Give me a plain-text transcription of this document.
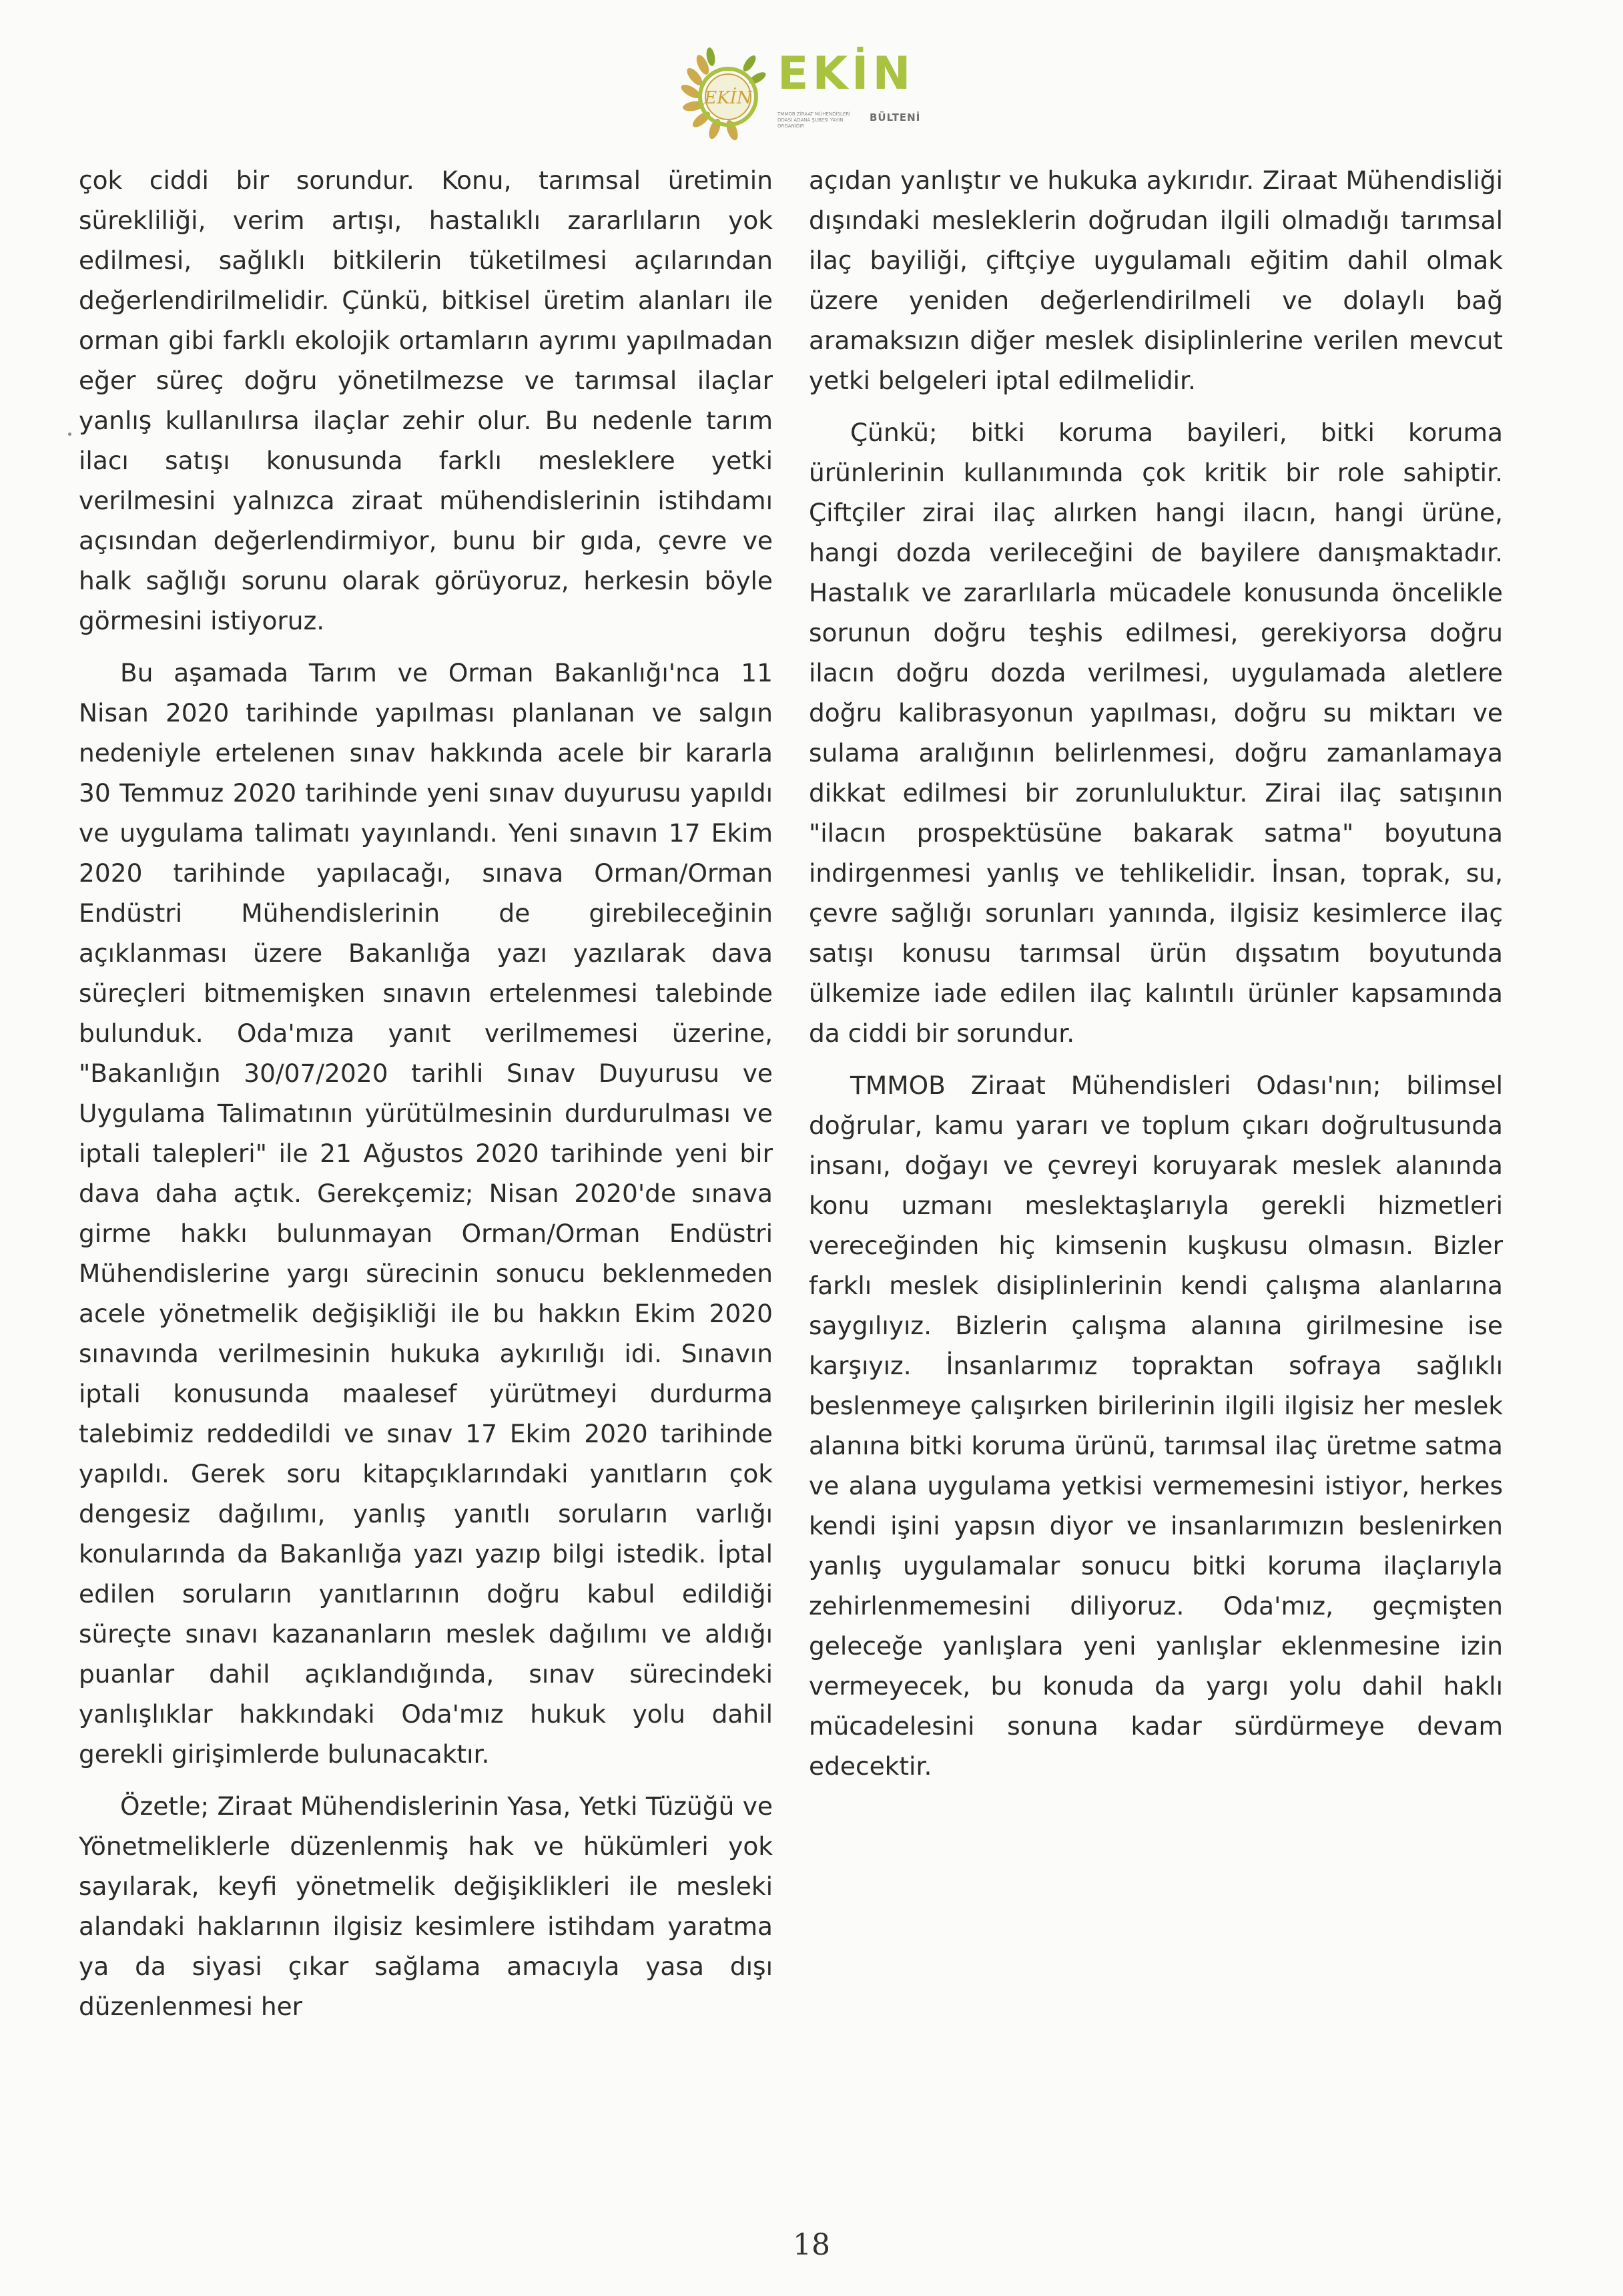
EKİN EKİN
TMMOB ZİRAAT MÜHENDİSLERİ ODASI ADANA ŞUBESİ YAYIN ORGANIDIR
BÜLTENİ

çok ciddi bir sorundur. Konu, tarımsal üretimin sürekliliği, verim artışı, hastalıklı zararlıların yok edilmesi, sağlıklı bitkilerin tüketilmesi açılarından değerlendirilmelidir. Çünkü, bitkisel üretim alanları ile orman gibi farklı ekolojik ortamların ayrımı yapılmadan eğer süreç doğru yönetilmezse ve tarımsal ilaçlar yanlış kullanılırsa ilaçlar zehir olur. Bu nedenle tarım ilacı satışı konusunda farklı mesleklere yetki verilmesini yalnızca ziraat mühendislerinin istihdamı açısından değerlendirmiyor, bunu bir gıda, çevre ve halk sağlığı sorunu olarak görüyoruz, herkesin böyle görmesini istiyoruz.

Bu aşamada Tarım ve Orman Bakanlığı'nca 11 Nisan 2020 tarihinde yapılması planlanan ve salgın nedeniyle ertelenen sınav hakkında acele bir kararla 30 Temmuz 2020 tarihinde yeni sınav duyurusu yapıldı ve uygulama talimatı yayınlandı. Yeni sınavın 17 Ekim 2020 tarihinde yapılacağı, sınava Orman/Orman Endüstri Mühendislerinin de girebileceğinin açıklanması üzere Bakanlığa yazı yazılarak dava süreçleri bitmemişken sınavın ertelenmesi talebinde bulunduk. Oda'mıza yanıt verilmemesi üzerine, "Bakanlığın 30/07/2020 tarihli Sınav Duyurusu ve Uygulama Talimatının yürütülmesinin durdurulması ve iptali talepleri" ile 21 Ağustos 2020 tarihinde yeni bir dava daha açtık. Gerekçemiz; Nisan 2020'de sınava girme hakkı bulunmayan Orman/Orman Endüstri Mühendislerine yargı sürecinin sonucu beklenmeden acele yönetmelik değişikliği ile bu hakkın Ekim 2020 sınavında verilmesinin hukuka aykırılığı idi. Sınavın iptali konusunda maalesef yürütmeyi durdurma talebimiz reddedildi ve sınav 17 Ekim 2020 tarihinde yapıldı. Gerek soru kitapçıklarındaki yanıtların çok dengesiz dağılımı, yanlış yanıtlı soruların varlığı konularında da Bakanlığa yazı yazıp bilgi istedik. İptal edilen soruların yanıtlarının doğru kabul edildiği süreçte sınavı kazananların meslek dağılımı ve aldığı puanlar dahil açıklandığında, sınav sürecindeki yanlışlıklar hakkındaki Oda'mız hukuk yolu dahil gerekli girişimlerde bulunacaktır.

Özetle; Ziraat Mühendislerinin Yasa, Yetki Tüzüğü ve Yönetmeliklerle düzenlenmiş hak ve hükümleri yok sayılarak, keyfi yönetmelik değişiklikleri ile mesleki alandaki haklarının ilgisiz kesimlere istihdam yaratma ya da siyasi çıkar sağlama amacıyla yasa dışı düzenlenmesi her

açıdan yanlıştır ve hukuka aykırıdır. Ziraat Mühendisliği dışındaki mesleklerin doğrudan ilgili olmadığı tarımsal ilaç bayiliği, çiftçiye uygulamalı eğitim dahil olmak üzere yeniden değerlendirilmeli ve dolaylı bağ aramaksızın diğer meslek disiplinlerine verilen mevcut yetki belgeleri iptal edilmelidir.

Çünkü; bitki koruma bayileri, bitki koruma ürünlerinin kullanımında çok kritik bir role sahiptir. Çiftçiler zirai ilaç alırken hangi ilacın, hangi ürüne, hangi dozda verileceğini de bayilere danışmaktadır. Hastalık ve zararlılarla mücadele konusunda öncelikle sorunun doğru teşhis edilmesi, gerekiyorsa doğru ilacın doğru dozda verilmesi, uygulamada aletlere doğru kalibrasyonun yapılması, doğru su miktarı ve sulama aralığının belirlenmesi, doğru zamanlamaya dikkat edilmesi bir zorunluluktur. Zirai ilaç satışının "ilacın prospektüsüne bakarak satma" boyutuna indirgenmesi yanlış ve tehlikelidir. İnsan, toprak, su, çevre sağlığı sorunları yanında, ilgisiz kesimlerce ilaç satışı konusu tarımsal ürün dışsatım boyutunda ülkemize iade edilen ilaç kalıntılı ürünler kapsamında da ciddi bir sorundur.

TMMOB Ziraat Mühendisleri Odası'nın; bilimsel doğrular, kamu yararı ve toplum çıkarı doğrultusunda insanı, doğayı ve çevreyi koruyarak meslek alanında konu uzmanı meslektaşlarıyla gerekli hizmetleri vereceğinden hiç kimsenin kuşkusu olmasın. Bizler farklı meslek disiplinlerinin kendi çalışma alanlarına saygılıyız. Bizlerin çalışma alanına girilmesine ise karşıyız. İnsanlarımız topraktan sofraya sağlıklı beslenmeye çalışırken birilerinin ilgili ilgisiz her meslek alanına bitki koruma ürünü, tarımsal ilaç üretme satma ve alana uygulama yetkisi vermemesini istiyor, herkes kendi işini yapsın diyor ve insanlarımızın beslenirken yanlış uygulamalar sonucu bitki koruma ilaçlarıyla zehirlenmemesini diliyoruz. Oda'mız, geçmişten geleceğe yanlışlara yeni yanlışlar eklenmesine izin vermeyecek, bu konuda da yargı yolu dahil haklı mücadelesini sonuna kadar sürdürmeye devam edecektir.

18
